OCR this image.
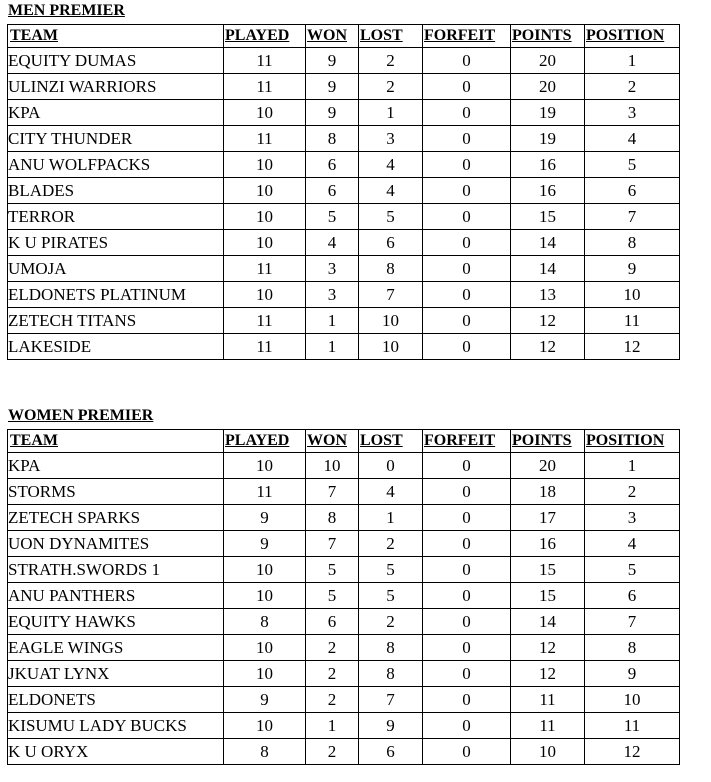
MEN PREMIER
TEAM	PLAYED	WON	LOST	FORFEIT	POINTS	POSITION
EQUITY DUMAS	11	9	2	0	20	1
ULINZI WARRIORS	11	9	2	0	20	2
KPA	10	9	1	0	19	3
CITY THUNDER	11	8	3	0	19	4
ANU WOLFPACKS	10	6	4	0	16	5
BLADES	10	6	4	0	16	6
TERROR	10	5	5	0	15	7
K U PIRATES	10	4	6	0	14	8
UMOJA	11	3	8	0	14	9
ELDONETS PLATINUM	10	3	7	0	13	10
ZETECH TITANS	11	1	10	0	12	11
LAKESIDE	11	1	10	0	12	12
WOMEN PREMIER
TEAM	PLAYED	WON	LOST	FORFEIT	POINTS	POSITION
KPA	10	10	0	0	20	1
STORMS	11	7	4	0	18	2
ZETECH SPARKS	9	8	1	0	17	3
UON DYNAMITES	9	7	2	0	16	4
STRATH.SWORDS 1	10	5	5	0	15	5
ANU PANTHERS	10	5	5	0	15	6
EQUITY HAWKS	8	6	2	0	14	7
EAGLE WINGS	10	2	8	0	12	8
JKUAT LYNX	10	2	8	0	12	9
ELDONETS	9	2	7	0	11	10
KISUMU LADY BUCKS	10	1	9	0	11	11
K U ORYX	8	2	6	0	10	12
